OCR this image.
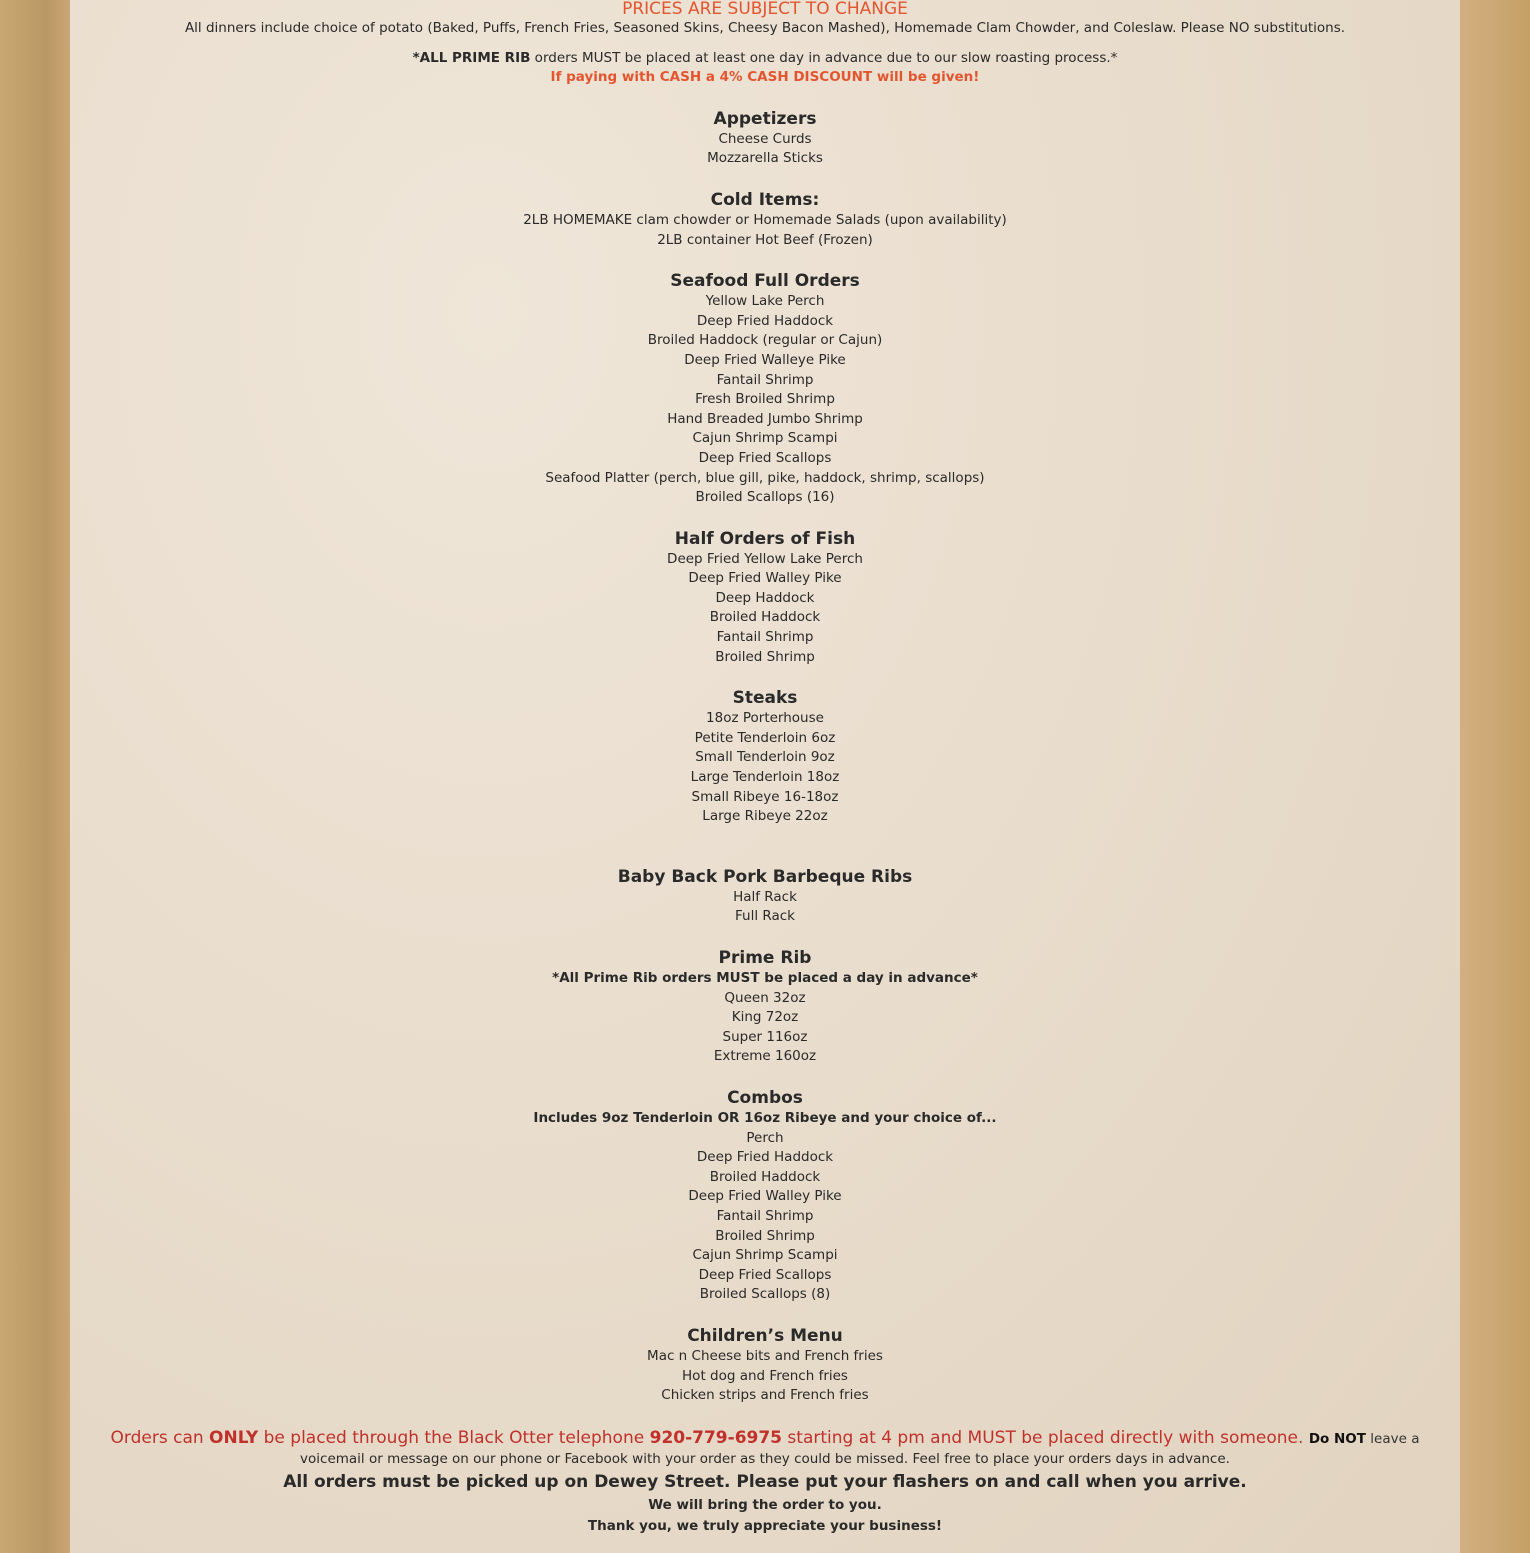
PRICES ARE SUBJECT TO CHANGE
All dinners include choice of potato (Baked, Puffs, French Fries, Seasoned Skins, Cheesy Bacon Mashed), Homemade Clam Chowder, and Coleslaw. Please NO substitutions.
*ALL PRIME RIB orders MUST be placed at least one day in advance due to our slow roasting process.*
If paying with CASH a 4% CASH DISCOUNT will be given!
Appetizers
Cheese Curds
Mozzarella Sticks
Cold Items:
2LB HOMEMAKE clam chowder or Homemade Salads (upon availability)
2LB container Hot Beef (Frozen)
Seafood Full Orders
Yellow Lake Perch
Deep Fried Haddock
Broiled Haddock (regular or Cajun)
Deep Fried Walleye Pike
Fantail Shrimp
Fresh Broiled Shrimp
Hand Breaded Jumbo Shrimp
Cajun Shrimp Scampi
Deep Fried Scallops
Seafood Platter (perch, blue gill, pike, haddock, shrimp, scallops)
Broiled Scallops (16)
Half Orders of Fish
Deep Fried Yellow Lake Perch
Deep Fried Walley Pike
Deep Haddock
Broiled Haddock
Fantail Shrimp
Broiled Shrimp
Steaks
18oz Porterhouse
Petite Tenderloin 6oz
Small Tenderloin 9oz
Large Tenderloin 18oz
Small Ribeye 16-18oz
Large Ribeye 22oz
Baby Back Pork Barbeque Ribs
Half Rack
Full Rack
Prime Rib
*All Prime Rib orders MUST be placed a day in advance*
Queen 32oz
King 72oz
Super 116oz
Extreme 160oz
Combos
Includes 9oz Tenderloin OR 16oz Ribeye and your choice of...
Perch
Deep Fried Haddock
Broiled Haddock
Deep Fried Walley Pike
Fantail Shrimp
Broiled Shrimp
Cajun Shrimp Scampi
Deep Fried Scallops
Broiled Scallops (8)
Children’s Menu
Mac n Cheese bits and French fries
Hot dog and French fries
Chicken strips and French fries
Orders can ONLY be placed through the Black Otter telephone 920-779-6975 starting at 4 pm and MUST be placed directly with someone. Do NOT leave a
voicemail or message on our phone or Facebook with your order as they could be missed. Feel free to place your orders days in advance.
All orders must be picked up on Dewey Street. Please put your flashers on and call when you arrive.
We will bring the order to you.
Thank you, we truly appreciate your business!
